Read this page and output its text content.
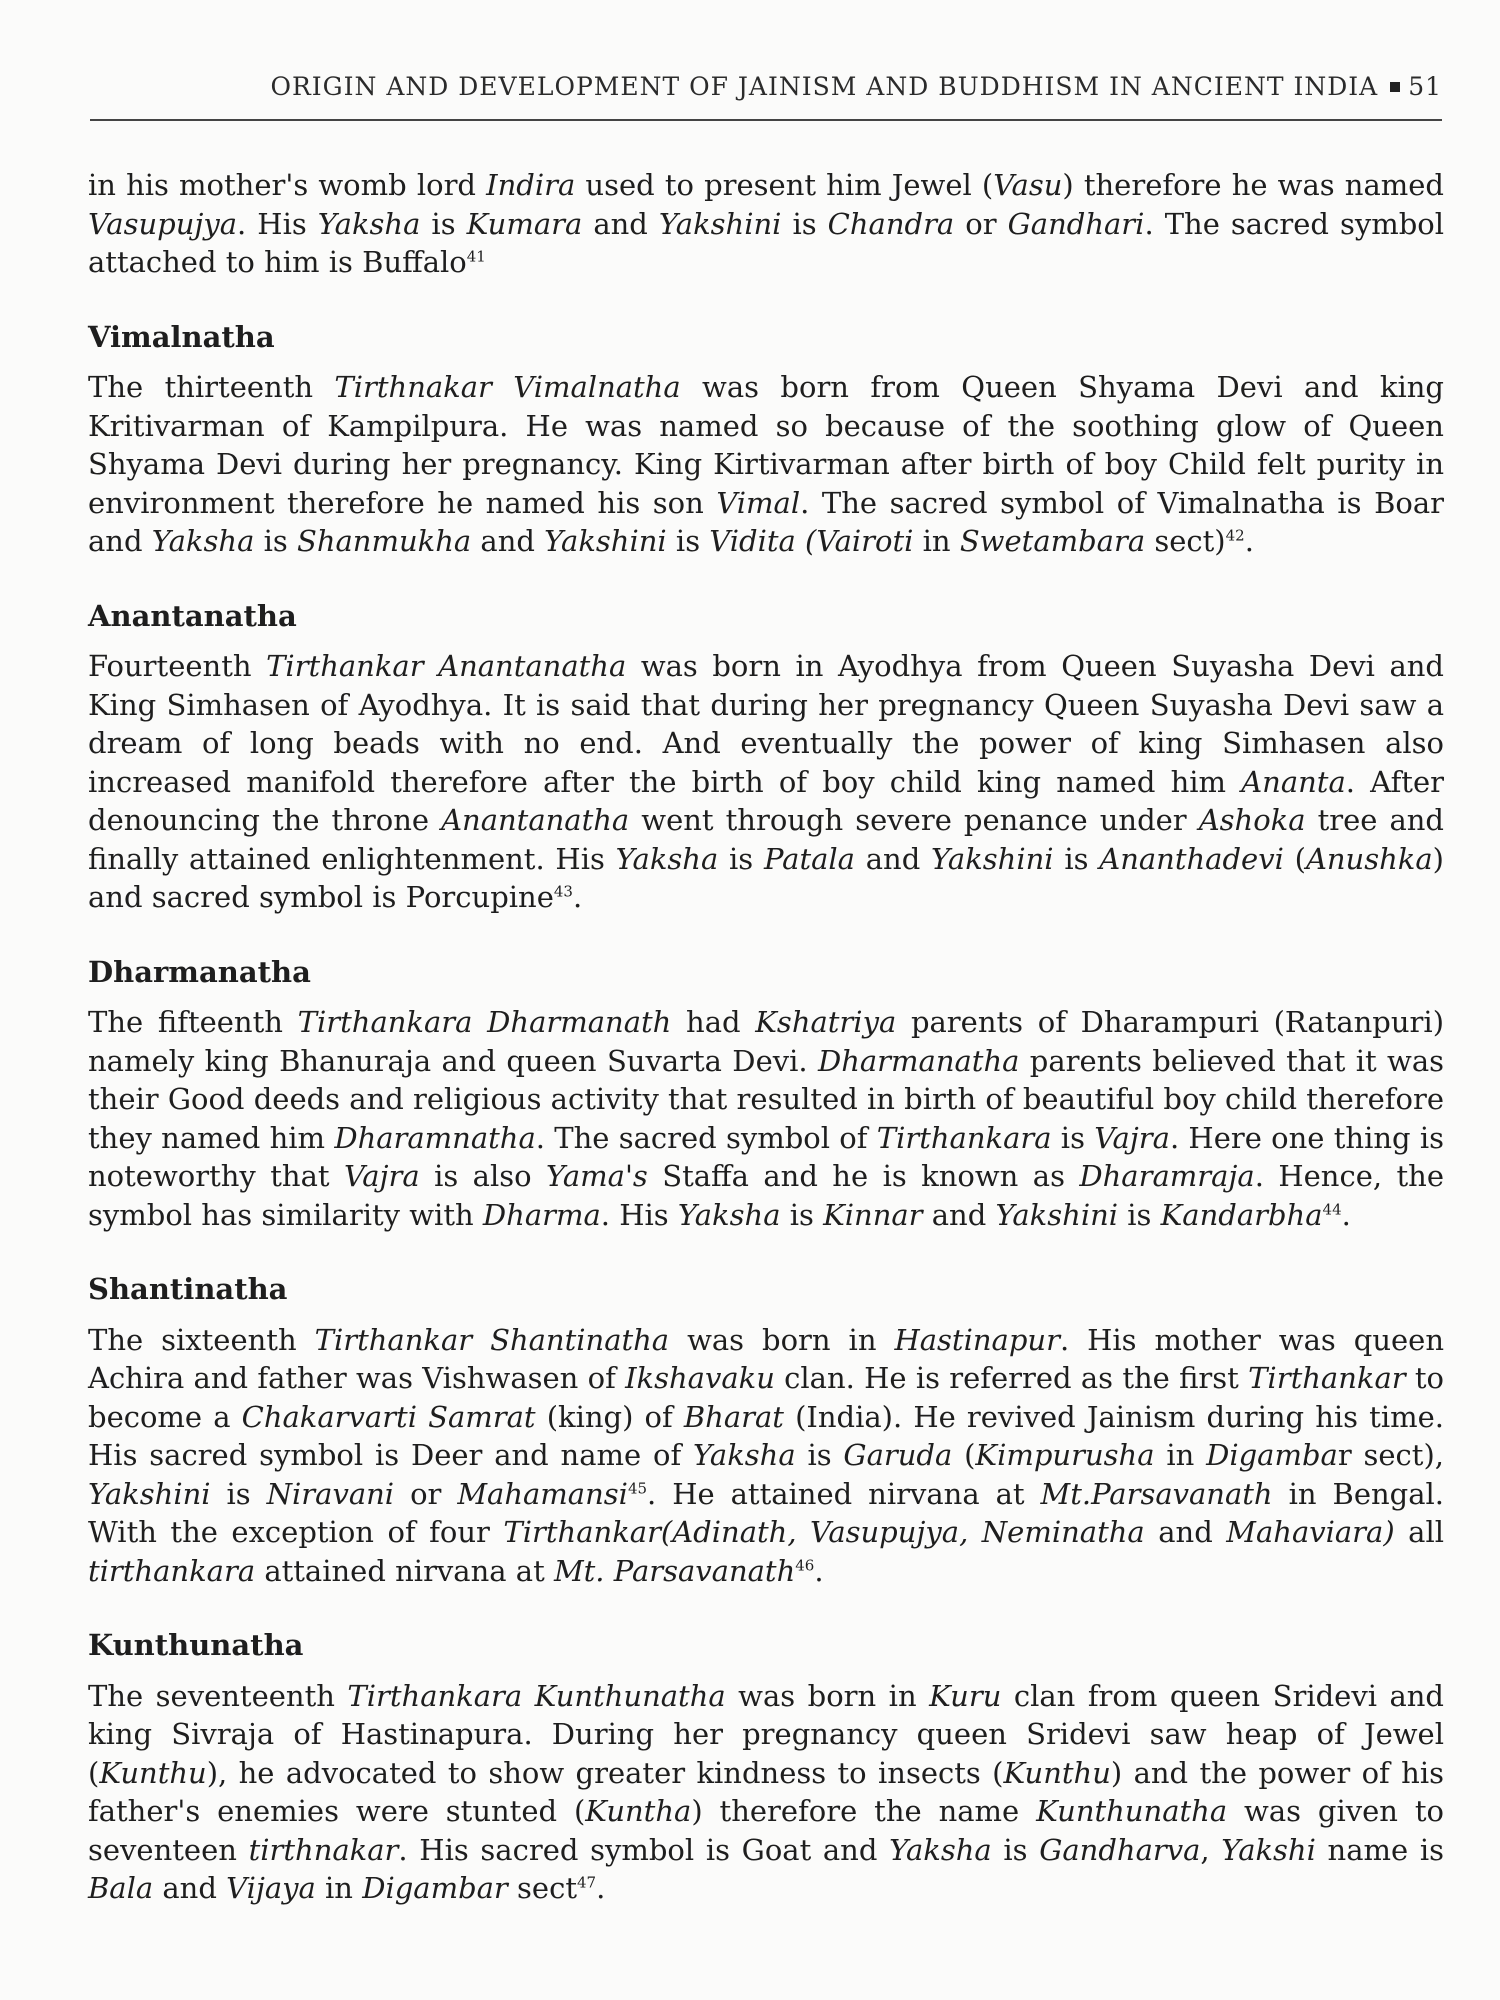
ORIGIN AND DEVELOPMENT OF JAINISM AND BUDDHISM IN ANCIENT INDIA 51

in his mother's womb lord Indira used to present him Jewel (Vasu) therefore he was named Vasupujya. His Yaksha is Kumara and Yakshini is Chandra or Gandhari. The sacred symbol attached to him is Buffalo$^{41}$

Vimalnatha

The thirteenth Tirthnakar Vimalnatha was born from Queen Shyama Devi and king Kritivarman of Kampilpura. He was named so because of the soothing glow of Queen Shyama Devi during her pregnancy. King Kirtivarman after birth of boy Child felt purity in environment therefore he named his son Vimal. The sacred symbol of Vimalnatha is Boar and Yaksha is Shanmukha and Yakshini is Vidita (Vairoti in Swetambara sect)$^{42}$.

Anantanatha

Fourteenth Tirthankar Anantanatha was born in Ayodhya from Queen Suyasha Devi and King Simhasen of Ayodhya. It is said that during her pregnancy Queen Suyasha Devi saw a dream of long beads with no end. And eventually the power of king Simhasen also increased manifold therefore after the birth of boy child king named him Ananta. After denouncing the throne Anantanatha went through severe penance under Ashoka tree and finally attained enlightenment. His Yaksha is Patala and Yakshini is Ananthadevi (Anushka) and sacred symbol is Porcupine$^{43}$.

Dharmanatha

The fifteenth Tirthankara Dharmanath had Kshatriya parents of Dharampuri (Ratanpuri) namely king Bhanuraja and queen Suvarta Devi. Dharmanatha parents believed that it was their Good deeds and religious activity that resulted in birth of beautiful boy child therefore they named him Dharamnatha. The sacred symbol of Tirthankara is Vajra. Here one thing is noteworthy that Vajra is also Yama's Staffa and he is known as Dharamraja. Hence, the symbol has similarity with Dharma. His Yaksha is Kinnar and Yakshini is Kandarbha$^{44}$.

Shantinatha

The sixteenth Tirthankar Shantinatha was born in Hastinapur. His mother was queen Achira and father was Vishwasen of Ikshavaku clan. He is referred as the first Tirthankar to become a Chakarvarti Samrat (king) of Bharat (India). He revived Jainism during his time. His sacred symbol is Deer and name of Yaksha is Garuda (Kimpurusha in Digambar sect), Yakshini is Niravani or Mahamansi$^{45}$. He attained nirvana at Mt.Parsavanath in Bengal. With the exception of four Tirthankar(Adinath, Vasupujya, Neminatha and Mahaviara) all tirthankara attained nirvana at Mt. Parsavanath$^{46}$.

Kunthunatha

The seventeenth Tirthankara Kunthunatha was born in Kuru clan from queen Sridevi and king Sivraja of Hastinapura. During her pregnancy queen Sridevi saw heap of Jewel (Kunthu), he advocated to show greater kindness to insects (Kunthu) and the power of his father's enemies were stunted (Kuntha) therefore the name Kunthunatha was given to seventeen tirthnakar. His sacred symbol is Goat and Yaksha is Gandharva, Yakshi name is Bala and Vijaya in Digambar sect$^{47}$.
